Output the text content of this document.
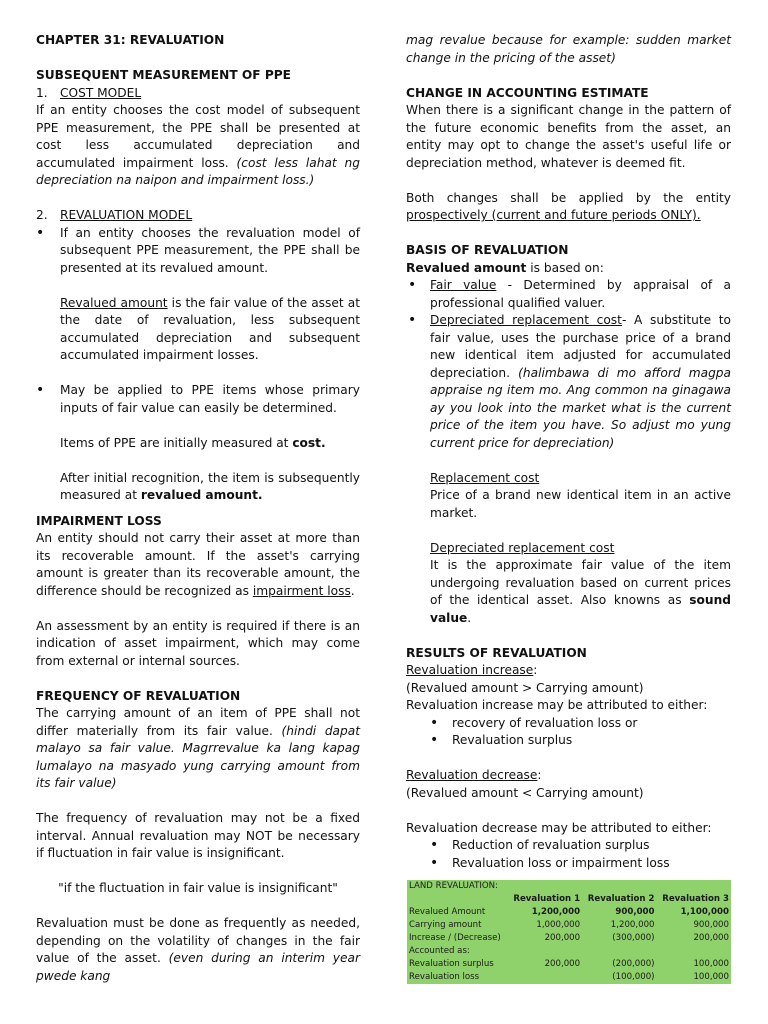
CHAPTER 31: REVALUATION

SUBSEQUENT MEASUREMENT OF PPE

1.	COST MODEL

If an entity chooses the cost model of subsequent PPE measurement, the PPE shall be presented at cost less accumulated depreciation and accumulated impairment loss. (cost less lahat ng depreciation na naipon and impairment loss.)

2.	REVALUATION MODEL

• If an entity chooses the revaluation model of subsequent PPE measurement, the PPE shall be presented at its revalued amount.

Revalued amount is the fair value of the asset at the date of revaluation, less subsequent accumulated depreciation and subsequent accumulated impairment losses.

• May be applied to PPE items whose primary inputs of fair value can easily be determined.

Items of PPE are initially measured at cost.

After initial recognition, the item is subsequently measured at revalued amount.

IMPAIRMENT LOSS

An entity should not carry their asset at more than its recoverable amount. If the asset's carrying amount is greater than its recoverable amount, the difference should be recognized as impairment loss.

An assessment by an entity is required if there is an indication of asset impairment, which may come from external or internal sources.

FREQUENCY OF REVALUATION

The carrying amount of an item of PPE shall not differ materially from its fair value. (hindi dapat malayo sa fair value. Magrrevalue ka lang kapag lumalayo na masyado yung carrying amount from its fair value)

The frequency of revaluation may not be a fixed interval. Annual revaluation may NOT be necessary if fluctuation in fair value is insignificant.

"if the fluctuation in fair value is insignificant"

Revaluation must be done as frequently as needed, depending on the volatility of changes in the fair value of the asset. (even during an interim year pwede kang

mag revalue because for example: sudden market change in the pricing of the asset)

CHANGE IN ACCOUNTING ESTIMATE

When there is a significant change in the pattern of the future economic benefits from the asset, an entity may opt to change the asset's useful life or depreciation method, whatever is deemed fit.

Both changes shall be applied by the entity prospectively (current and future periods ONLY).

BASIS OF REVALUATION

Revalued amount is based on:

• Fair value - Determined by appraisal of a professional qualified valuer.

• Depreciated replacement cost- A substitute to fair value, uses the purchase price of a brand new identical item adjusted for accumulated depreciation. (halimbawa di mo afford magpa appraise ng item mo. Ang common na ginagawa ay you look into the market what is the current price of the item you have. So adjust mo yung current price for depreciation)

Replacement cost

Price of a brand new identical item in an active market.

Depreciated replacement cost

It is the approximate fair value of the item undergoing revaluation based on current prices of the identical asset. Also knowns as sound value.

RESULTS OF REVALUATION

Revaluation increase:

(Revalued amount > Carrying amount)

Revaluation increase may be attributed to either:

• recovery of revaluation loss or

• Revaluation surplus

Revaluation decrease:

(Revalued amount < Carrying amount)

Revaluation decrease may be attributed to either:

• Reduction of revaluation surplus

• Revaluation loss or impairment loss

LAND REVALUATION:			
	Revaluation 1	Revaluation 2	Revaluation 3
Revalued Amount	1,200,000	900,000	1,100,000
Carrying amount	1,000,000	1,200,000	900,000
Increase / (Decrease)	200,000	(300,000)	200,000
Accounted as:			
Revaluation surplus	200,000	(200,000)	100,000
Revaluation loss		(100,000)	100,000
